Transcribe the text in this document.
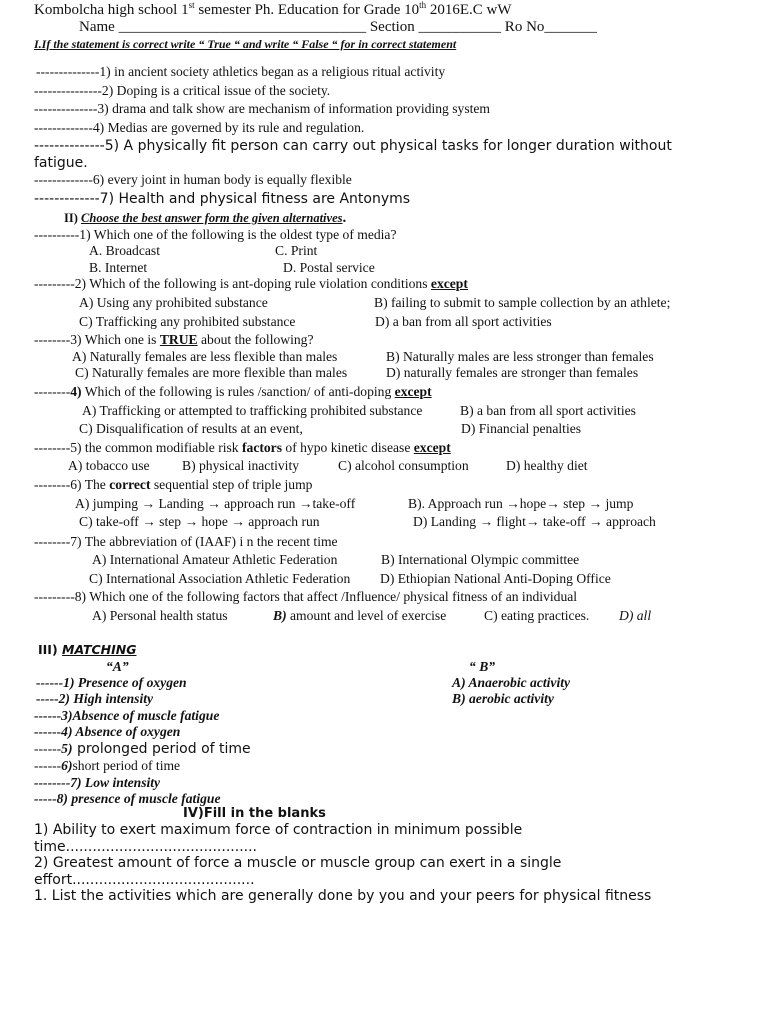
Kombolcha high school 1st semester Ph. Education for Grade 10th 2016E.C wW
Name _________________________________ Section ___________ Ro No_______
I.If the statement is correct write “ True “ and write “ False “ for in correct statement
--------------1) in ancient society athletics began as a religious ritual activity
---------------2) Doping is a critical issue of the society.
--------------3) drama and talk show are mechanism of information providing system
-------------4) Medias are governed by its rule and regulation.
--------------5) A physically fit person can carry out physical tasks for longer duration without
fatigue.
-------------6) every joint in human body is equally flexible
-------------7) Health and physical fitness are Antonyms
II) Choose the best answer form the given alternatives.
----------1) Which one of the following is the oldest type of media?
A. Broadcast	C. Print
B. Internet	D. Postal service
---------2) Which of the following is ant-doping rule violation conditions except
A) Using any prohibited substance	B) failing to submit to sample collection by an athlete;
C) Trafficking any prohibited substance	D) a ban from all sport activities
--------3) Which one is TRUE about the following?
A) Naturally females are less flexible than males	B) Naturally males are less stronger than females
C) Naturally females are more flexible than males	D) naturally females are stronger than females
--------4) Which of the following is rules /sanction/ of anti-doping except
A) Trafficking or attempted to trafficking prohibited substance	B) a ban from all sport activities
C) Disqualification of results at an event,	D) Financial penalties
--------5) the common modifiable risk factors of hypo kinetic disease except
A) tobacco use B) physical inactivity	C) alcohol consumption	D) healthy diet
--------6) The correct sequential step of triple jump
A) jumping → Landing → approach run →take-off	B). Approach run →hope→ step → jump
C) take-off → step → hope → approach run	D) Landing → flight→ take-off → approach
--------7) The abbreviation of (IAAF) i n the recent time
A) International Amateur Athletic Federation	B) International Olympic committee
C) International Association Athletic Federation D) Ethiopian National Anti-Doping Office
---------8) Which one of the following factors that affect /Influence/ physical fitness of an individual
A) Personal health status	B) amount and level of exercise	C) eating practices. D) all
III) MATCHING
“A”	“ B”
------1) Presence of oxygen	A) Anaerobic activity
-----2) High intensity	B) aerobic activity
------3)Absence of muscle fatigue
------4) Absence of oxygen
------5) prolonged period of time
------6)short period of time
--------7) Low intensity
-----8) presence of muscle fatigue
IV)Fill in the blanks
1) Ability to exert maximum force of contraction in minimum possible
time...........................................
2) Greatest amount of force a muscle or muscle group can exert in a single
effort.........................................
1. List the activities which are generally done by you and your peers for physical fitness
